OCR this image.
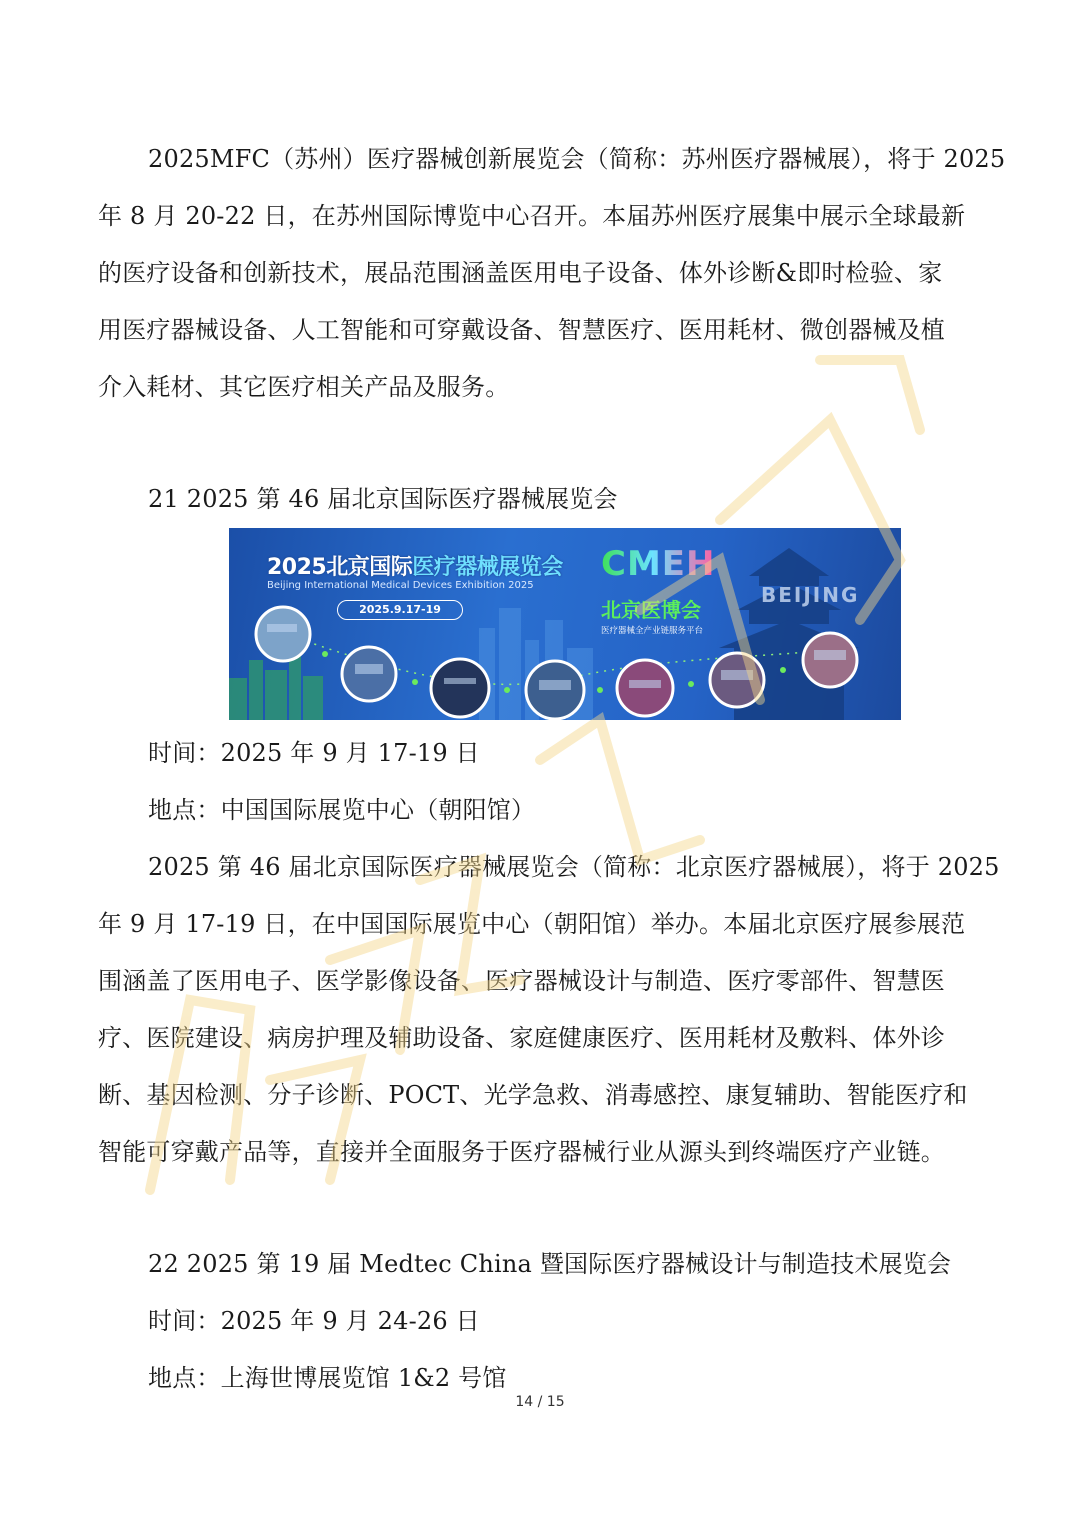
2025MFC（苏州）医疗器械创新展览会（简称：苏州医疗器械展），将于 2025
年 8 月 20-22 日，在苏州国际博览中心召开。本届苏州医疗展集中展示全球最新
的医疗设备和创新技术，展品范围涵盖医用电子设备、体外诊断&即时检验、家
用医疗器械设备、人工智能和可穿戴设备、智慧医疗、医用耗材、微创器械及植
介入耗材、其它医疗相关产品及服务。
21 2025 第 46 届北京国际医疗器械展览会
2025北京国际医疗器械展览会
Beijing International Medical Devices Exhibition 2025
2025.9.17-19
CMEH
北京医博会
医疗器械全产业链服务平台
BEIJING
时间：2025 年 9 月 17-19 日
地点：中国国际展览中心（朝阳馆）
2025 第 46 届北京国际医疗器械展览会（简称：北京医疗器械展），将于 2025
年 9 月 17-19 日，在中国国际展览中心（朝阳馆）举办。本届北京医疗展参展范
围涵盖了医用电子、医学影像设备、医疗器械设计与制造、医疗零部件、智慧医
疗、医院建设、病房护理及辅助设备、家庭健康医疗、医用耗材及敷料、体外诊
断、基因检测、分子诊断、POCT、光学急救、消毒感控、康复辅助、智能医疗和
智能可穿戴产品等，直接并全面服务于医疗器械行业从源头到终端医疗产业链。
22 2025 第 19 届 Medtec China 暨国际医疗器械设计与制造技术展览会
时间：2025 年 9 月 24-26 日
地点：上海世博展览馆 1&2 号馆
14 / 15
